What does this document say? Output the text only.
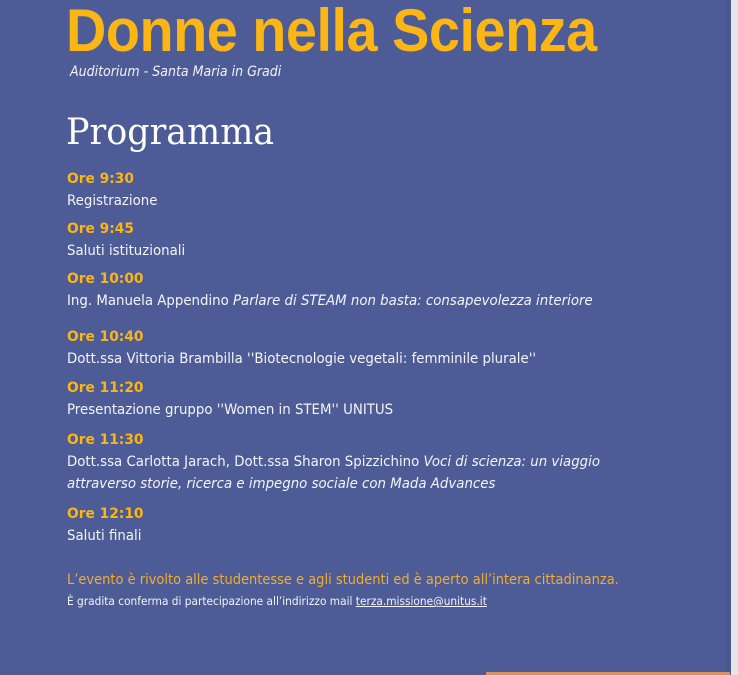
Donne nella Scienza
Auditorium - Santa Maria in Gradi
Programma
Ore 9:30
Registrazione
Ore 9:45
Saluti istituzionali
Ore 10:00
Ing. Manuela Appendino Parlare di STEAM non basta: consapevolezza interiore
Ore 10:40
Dott.ssa Vittoria Brambilla ''Biotecnologie vegetali: femminile plurale''
Ore 11:20
Presentazione gruppo ''Women in STEM'' UNITUS
Ore 11:30
Dott.ssa Carlotta Jarach, Dott.ssa Sharon Spizzichino Voci di scienza: un viaggio
attraverso storie, ricerca e impegno sociale con Mada Advances
Ore 12:10
Saluti finali
L’evento è rivolto alle studentesse e agli studenti ed è aperto all’intera cittadinanza.
È gradita conferma di partecipazione all’indirizzo mail terza.missione@unitus.it
